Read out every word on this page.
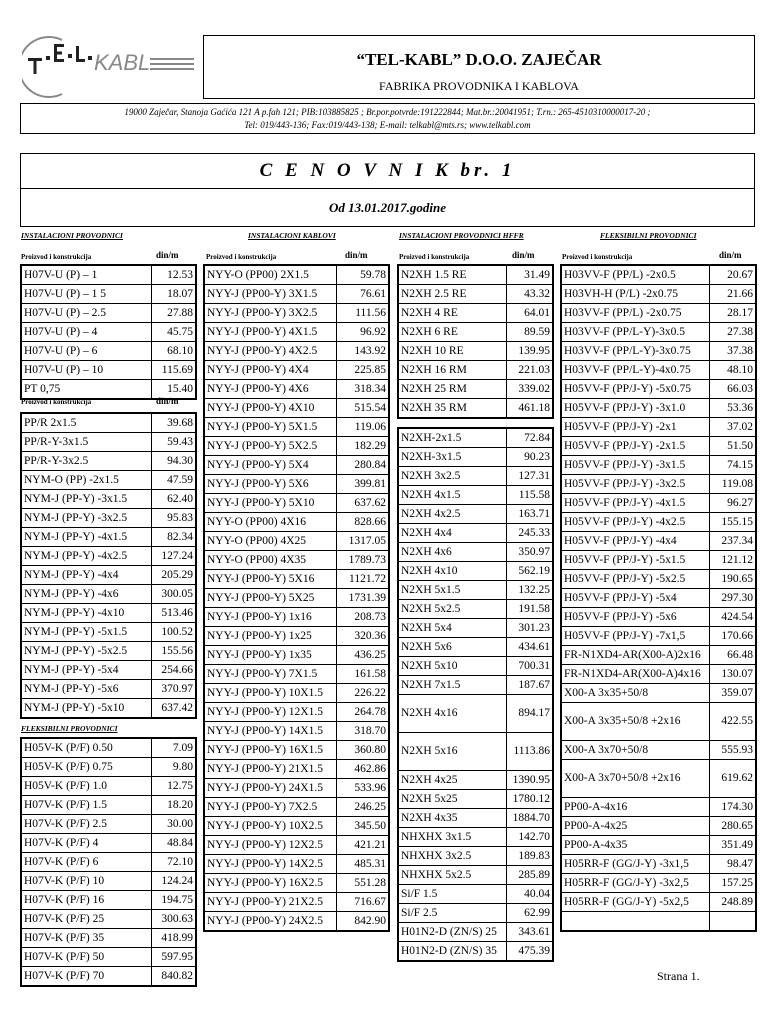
KABL	“TEL-KABL” D.O.O. ZAJEČAR
FABRIKA PROVODNIKA I KABLOVA
19000 Zaječar, Stanoja Gaćića 121 A p.fah 121; PIB:103885825 ; Br.por.potvrde:191222844; Mat.br.:20041951; T.rn.: 265-4510310000017-20 ;
Tel: 019/443-136; Fax:019/443-138; E-mail: telkabl@mts.rs; www.telkabl.com
C E N O V N I K br. 1
Od 13.01.2017.godine
INSTALACIONI PROVODNICI	INSTALACIONI KABLOVI	INSTALACIONI PROVODNICI HFFR	FLEKSIBILNI PROVODNICI
Proizvod i konstrukcija	din/m	Proizvod i konstrukcija	din/m	Proizvod i konstrukcija	din/m	Proizvod i konstrukcija	din/m
H07V-U (P) – 1	12.53
H07V-U (P) – 1 5	18.07
H07V-U (P) – 2.5	27.88
H07V-U (P) – 4	45.75
H07V-U (P) – 6	68.10
H07V-U (P) – 10	115.69
PT 0,75	15.40
Proizvod i konstrukcija	din/m
PP/R 2x1.5	39.68
PP/R-Y-3x1.5	59.43
PP/R-Y-3x2.5	94.30
NYM-O (PP) -2x1.5	47.59
NYM-J (PP-Y) -3x1.5	62.40
NYM-J (PP-Y) -3x2.5	95.83
NYM-J (PP-Y) -4x1.5	82.34
NYM-J (PP-Y) -4x2.5	127.24
NYM-J (PP-Y) -4x4	205.29
NYM-J (PP-Y) -4x6	300.05
NYM-J (PP-Y) -4x10	513.46
NYM-J (PP-Y) -5x1.5	100.52
NYM-J (PP-Y) -5x2.5	155.56
NYM-J (PP-Y) -5x4	254.66
NYM-J (PP-Y) -5x6	370.97
NYM-J (PP-Y) -5x10	637.42
FLEKSIBILNI PROVODNICI
H05V-K (P/F) 0.50	7.09
H05V-K (P/F) 0.75	9.80
H05V-K (P/F) 1.0	12.75
H07V-K (P/F) 1.5	18.20
H07V-K (P/F) 2.5	30.00
H07V-K (P/F) 4	48.84
H07V-K (P/F) 6	72.10
H07V-K (P/F) 10	124.24
H07V-K (P/F) 16	194.75
H07V-K (P/F) 25	300.63
H07V-K (P/F) 35	418.99
H07V-K (P/F) 50	597.95
H07V-K (P/F) 70	840.82
NYY-O (PP00) 2X1.5	59.78
NYY-J (PP00-Y) 3X1.5	76.61
NYY-J (PP00-Y) 3X2.5	111.56
NYY-J (PP00-Y) 4X1.5	96.92
NYY-J (PP00-Y) 4X2.5	143.92
NYY-J (PP00-Y) 4X4	225.85
NYY-J (PP00-Y) 4X6	318.34
NYY-J (PP00-Y) 4X10	515.54
NYY-J (PP00-Y) 5X1.5	119.06
NYY-J (PP00-Y) 5X2.5	182.29
NYY-J (PP00-Y) 5X4	280.84
NYY-J (PP00-Y) 5X6	399.81
NYY-J (PP00-Y) 5X10	637.62
NYY-O (PP00) 4X16	828.66
NYY-O (PP00) 4X25	1317.05
NYY-O (PP00) 4X35	1789.73
NYY-J (PP00-Y) 5X16	1121.72
NYY-J (PP00-Y) 5X25	1731.39
NYY-J (PP00-Y) 1x16	208.73
NYY-J (PP00-Y) 1x25	320.36
NYY-J (PP00-Y) 1x35	436.25
NYY-J (PP00-Y) 7X1.5	161.58
NYY-J (PP00-Y) 10X1.5	226.22
NYY-J (PP00-Y) 12X1.5	264.78
NYY-J (PP00-Y) 14X1.5	318.70
NYY-J (PP00-Y) 16X1.5	360.80
NYY-J (PP00-Y) 21X1.5	462.86
NYY-J (PP00-Y) 24X1.5	533.96
NYY-J (PP00-Y) 7X2.5	246.25
NYY-J (PP00-Y) 10X2.5	345.50
NYY-J (PP00-Y) 12X2.5	421.21
NYY-J (PP00-Y) 14X2.5	485.31
NYY-J (PP00-Y) 16X2.5	551.28
NYY-J (PP00-Y) 21X2.5	716.67
NYY-J (PP00-Y) 24X2.5	842.90
N2XH 1.5 RE	31.49
N2XH 2.5 RE	43.32
N2XH 4 RE	64.01
N2XH 6 RE	89.59
N2XH 10 RE	139.95
N2XH 16 RM	221.03
N2XH 25 RM	339.02
N2XH 35 RM	461.18
N2XH-2x1.5	72.84
N2XH-3x1.5	90.23
N2XH 3x2.5	127.31
N2XH 4x1.5	115.58
N2XH 4x2.5	163.71
N2XH 4x4	245.33
N2XH 4x6	350.97
N2XH 4x10	562.19
N2XH 5x1.5	132.25
N2XH 5x2.5	191.58
N2XH 5x4	301.23
N2XH 5x6	434.61
N2XH 5x10	700.31
N2XH 7x1.5	187.67
N2XH 4x16	894.17
N2XH 5x16	1113.86
N2XH 4x25	1390.95
N2XH 5x25	1780.12
N2XH 4x35	1884.70
NHXHX 3x1.5	142.70
NHXHX 3x2.5	189.83
NHXHX 5x2.5	285.89
Si/F 1.5	40.04
Si/F 2.5	62.99
H01N2-D (ZN/S) 25	343.61
H01N2-D (ZN/S) 35	475.39
H03VV-F (PP/L) -2x0.5	20.67
H03VH-H (P/L) -2x0.75	21.66
H03VV-F (PP/L) -2x0.75	28.17
H03VV-F (PP/L-Y)-3x0.5	27.38
H03VV-F (PP/L-Y)-3x0.75	37.38
H03VV-F (PP/L-Y)-4x0.75	48.10
H05VV-F (PP/J-Y) -5x0.75	66.03
H05VV-F (PP/J-Y) -3x1.0	53.36
H05VV-F (PP/J-Y) -2x1	37.02
H05VV-F (PP/J-Y) -2x1.5	51.50
H05VV-F (PP/J-Y) -3x1.5	74.15
H05VV-F (PP/J-Y) -3x2.5	119.08
H05VV-F (PP/J-Y) -4x1.5	96.27
H05VV-F (PP/J-Y) -4x2.5	155.15
H05VV-F (PP/J-Y) -4x4	237.34
H05VV-F (PP/J-Y) -5x1.5	121.12
H05VV-F (PP/J-Y) -5x2.5	190.65
H05VV-F (PP/J-Y) -5x4	297.30
H05VV-F (PP/J-Y) -5x6	424.54
H05VV-F (PP/J-Y) -7x1,5	170.66
FR-N1XD4-AR(X00-A)2x16	66.48
FR-N1XD4-AR(X00-A)4x16	130.07
X00-A 3x35+50/8	359.07
X00-A 3x35+50/8 +2x16	422.55
X00-A 3x70+50/8	555.93
X00-A 3x70+50/8 +2x16	619.62
PP00-A-4x16	174.30
PP00-A-4x25	280.65
PP00-A-4x35	351.49
H05RR-F (GG/J-Y) -3x1,5	98.47
H05RR-F (GG/J-Y) -3x2,5	157.25
H05RR-F (GG/J-Y) -5x2,5	248.89

Strana 1.
